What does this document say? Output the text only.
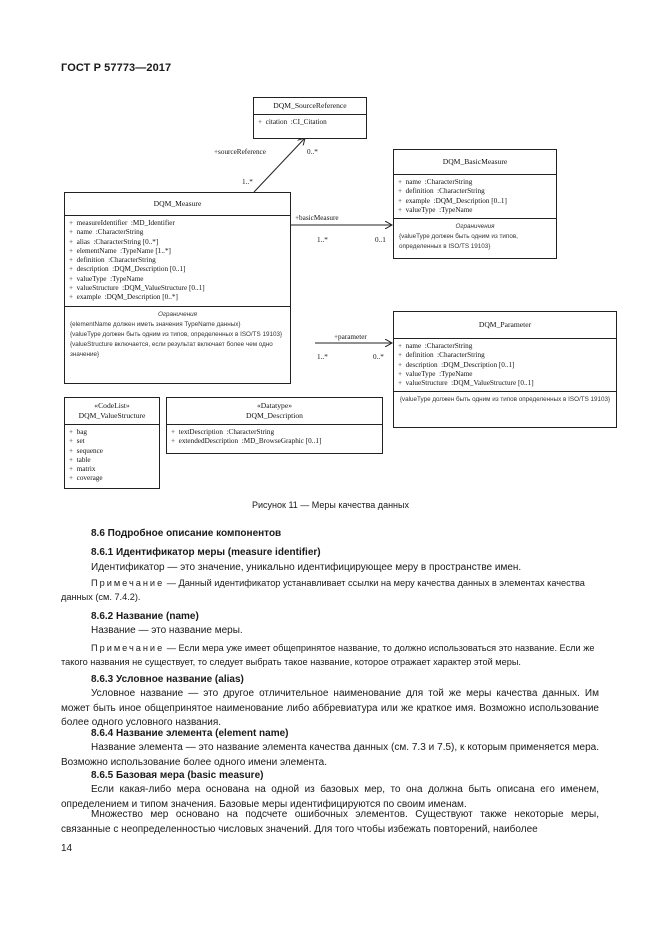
ГОСТ Р 57773—2017
DQM_SourceReference
+  citation  :CI_Citation
DQM_BasicMeasure
+  name  :CharacterString
+  definition  :CharacterString
+  example  :DQM_Description [0..1]
+  valueType  :TypeName
Ограничения
{valueType должен быть одним из типов, определенных в ISO/TS 19103}
DQM_Measure
+  measureIdentifier  :MD_Identifier
+  name  :CharacterString
+  alias  :CharacterString [0..*]
+  elementName  :TypeName [1..*]
+  definition  :CharacterString
+  description  :DQM_Description [0..1]
+  valueType  :TypeName
+  valueStructure  :DQM_ValueStructure [0..1]
+  example  :DQM_Description [0..*]
Ограничения
{elementName должен иметь значения TypeName данных}
{valueType должен быть одним из типов, определенных в ISO/TS 19103}
{valueStructure включается, если результат включает более чем одно значение}
DQM_Parameter
+  name  :CharacterString
+  definition  :CharacterString
+  description  :DQM_Description [0..1]
+  valueType  :TypeName
+  valueStructure  :DQM_ValueStructure [0..1]
{valueType должен быть одним из типов определенных в ISO/TS 19103}
«CodeList»
DQM_ValueStructure
+  bag
+  set
+  sequence
+  table
+  matrix
+  coverage
«Datatype»
DQM_Description
+  textDescription  :CharacterString
+  extendedDescription  :MD_BrowseGraphic [0..1]
+sourceReference	0..*
1..*
+basicMeasure
1..*	0..1
+parameter
1..*	0..*
Рисунок 11 — Меры качества данных
8.6 Подробное описание компонентов
8.6.1 Идентификатор меры (measure identifier)
Идентификатор — это значение, уникально идентифицирующее меру в пространстве имен.
Примечание — Данный идентификатор устанавливает ссылки на меру качества данных в элементах качества данных (см. 7.4.2).
8.6.2 Название (name)
Название — это название меры.
Примечание — Если мера уже имеет общепринятое название, то должно использоваться это название. Если же такого названия не существует, то следует выбрать такое название, которое отражает характер этой меры.
8.6.3 Условное название (alias)
Условное название — это другое отличительное наименование для той же меры качества данных. Им может быть иное общепринятое наименование либо аббревиатура или же краткое имя. Возможно использование более одного условного названия.
8.6.4 Название элемента (element name)
Название элемента — это название элемента качества данных (см. 7.3 и 7.5), к которым применяется мера. Возможно использование более одного имени элемента.
8.6.5 Базовая мера (basic measure)
Если какая-либо мера основана на одной из базовых мер, то она должна быть описана его именем, определением и типом значения. Базовые меры идентифицируются по своим именам.
Множество мер основано на подсчете ошибочных элементов. Существуют также некоторые меры, связанные с неопределенностью числовых значений. Для того чтобы избежать повторений, наиболее
14
